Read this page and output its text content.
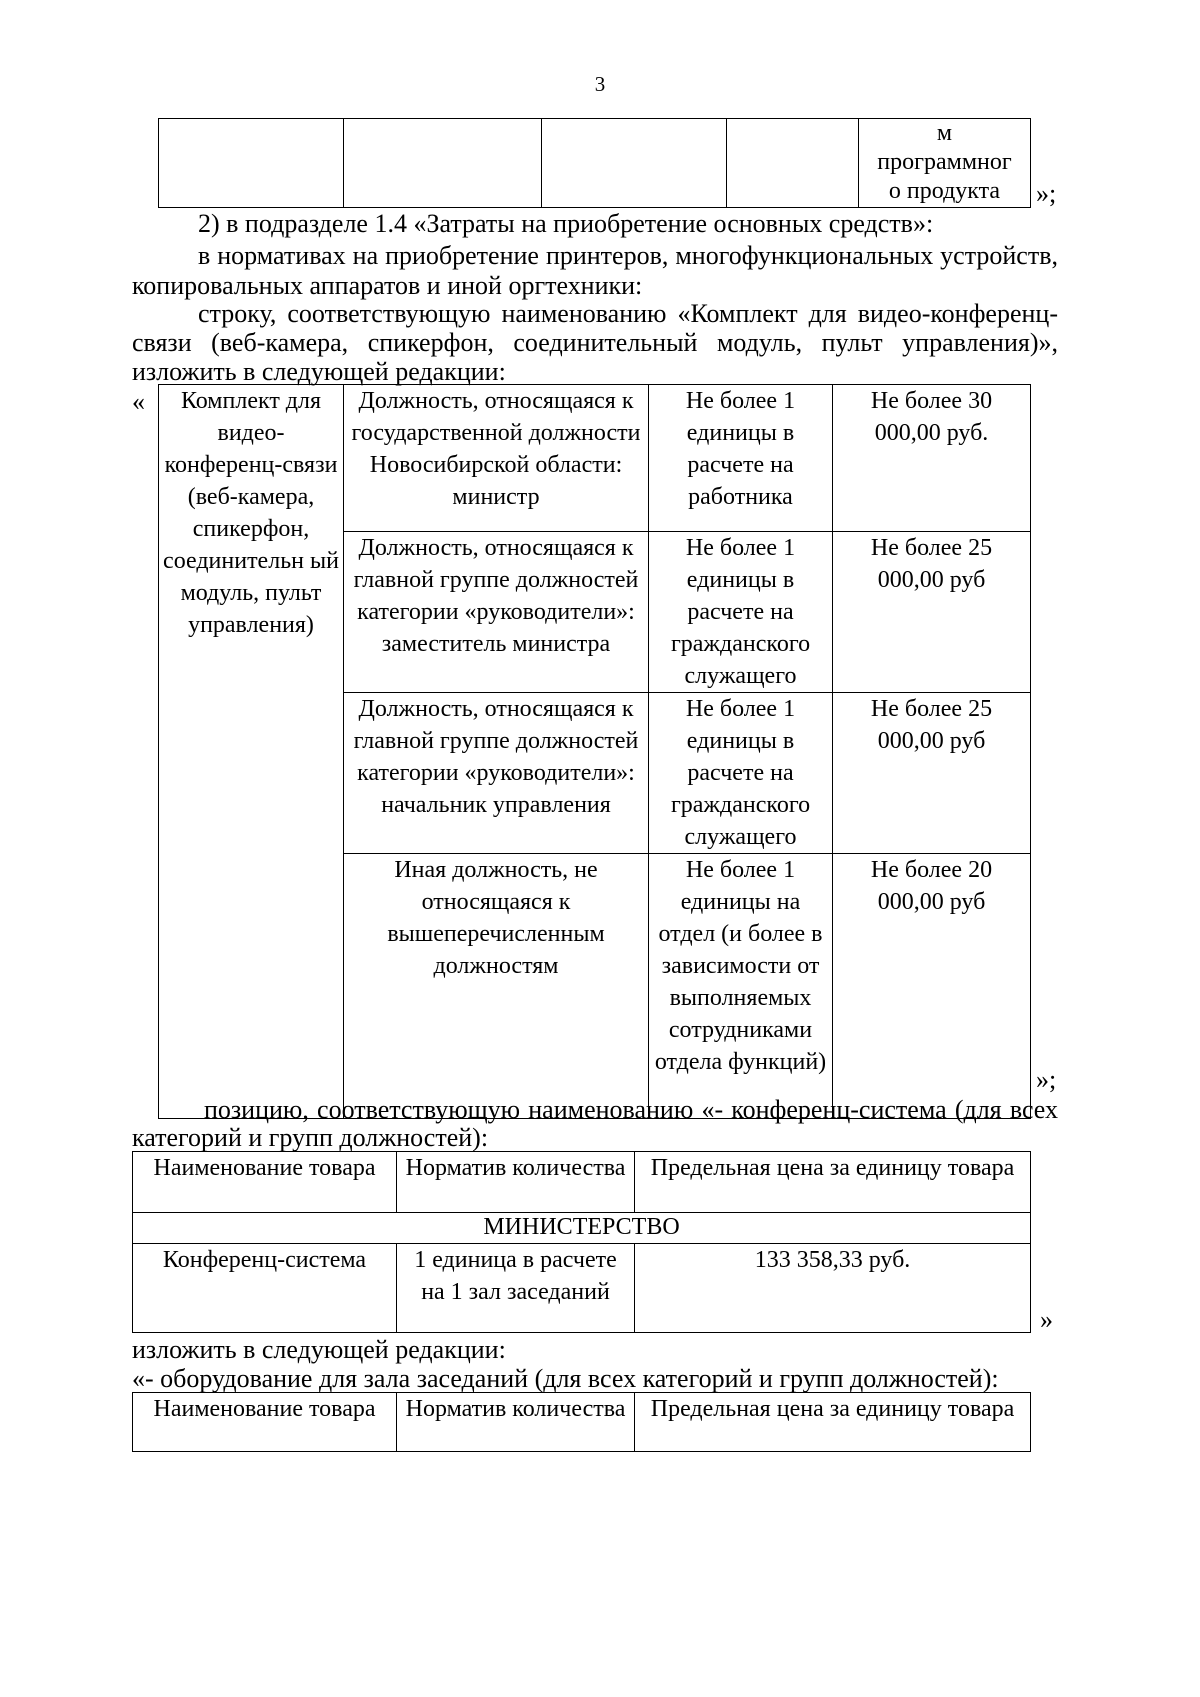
3
				м
программног
о продукта »;
2) в подразделе 1.4 «Затраты на приобретение основных средств»:
в нормативах на приобретение принтеров, многофункциональных устройств,
копировальных аппаратов и иной оргтехники:
строку, соответствующую наименованию «Комплект для видео-конференц-
связи (веб-камера, спикерфон, соединительный модуль, пульт управления)»,
изложить в следующей редакции:
« Комплект для видео-конференц-связи (веб-камера, спикерфон, соединительн ый модуль, пульт управления)	Должность, относящаяся к государственной должности Новосибирской области: министр	Не более 1 единицы в расчете на работника	Не более 30 000,00 руб.
	Должность, относящаяся к главной группе должностей категории «руководители»: заместитель министра	Не более 1 единицы в расчете на гражданского служащего	Не более 25 000,00 руб
	Должность, относящаяся к главной группе должностей категории «руководители»: начальник управления	Не более 1 единицы в расчете на гражданского служащего	Не более 25 000,00 руб
	Иная должность, не относящаяся к вышеперечисленным должностям	Не более 1 единицы на отдел (и более в зависимости от выполняемых сотрудниками отдела функций)	Не более 20 000,00 руб
»;
позицию, соответствующую наименованию «- конференц-система (для всех
категорий и групп должностей):
Наименование товара	Норматив количества	Предельная цена за единицу товара
МИНИСТЕРСТВО		
Конференц-система	1 единица в расчете на 1 зал заседаний	133 358,33 руб.
»
изложить в следующей редакции:
«- оборудование для зала заседаний (для всех категорий и групп должностей):
Наименование товара	Норматив количества	Предельная цена за единицу товара
